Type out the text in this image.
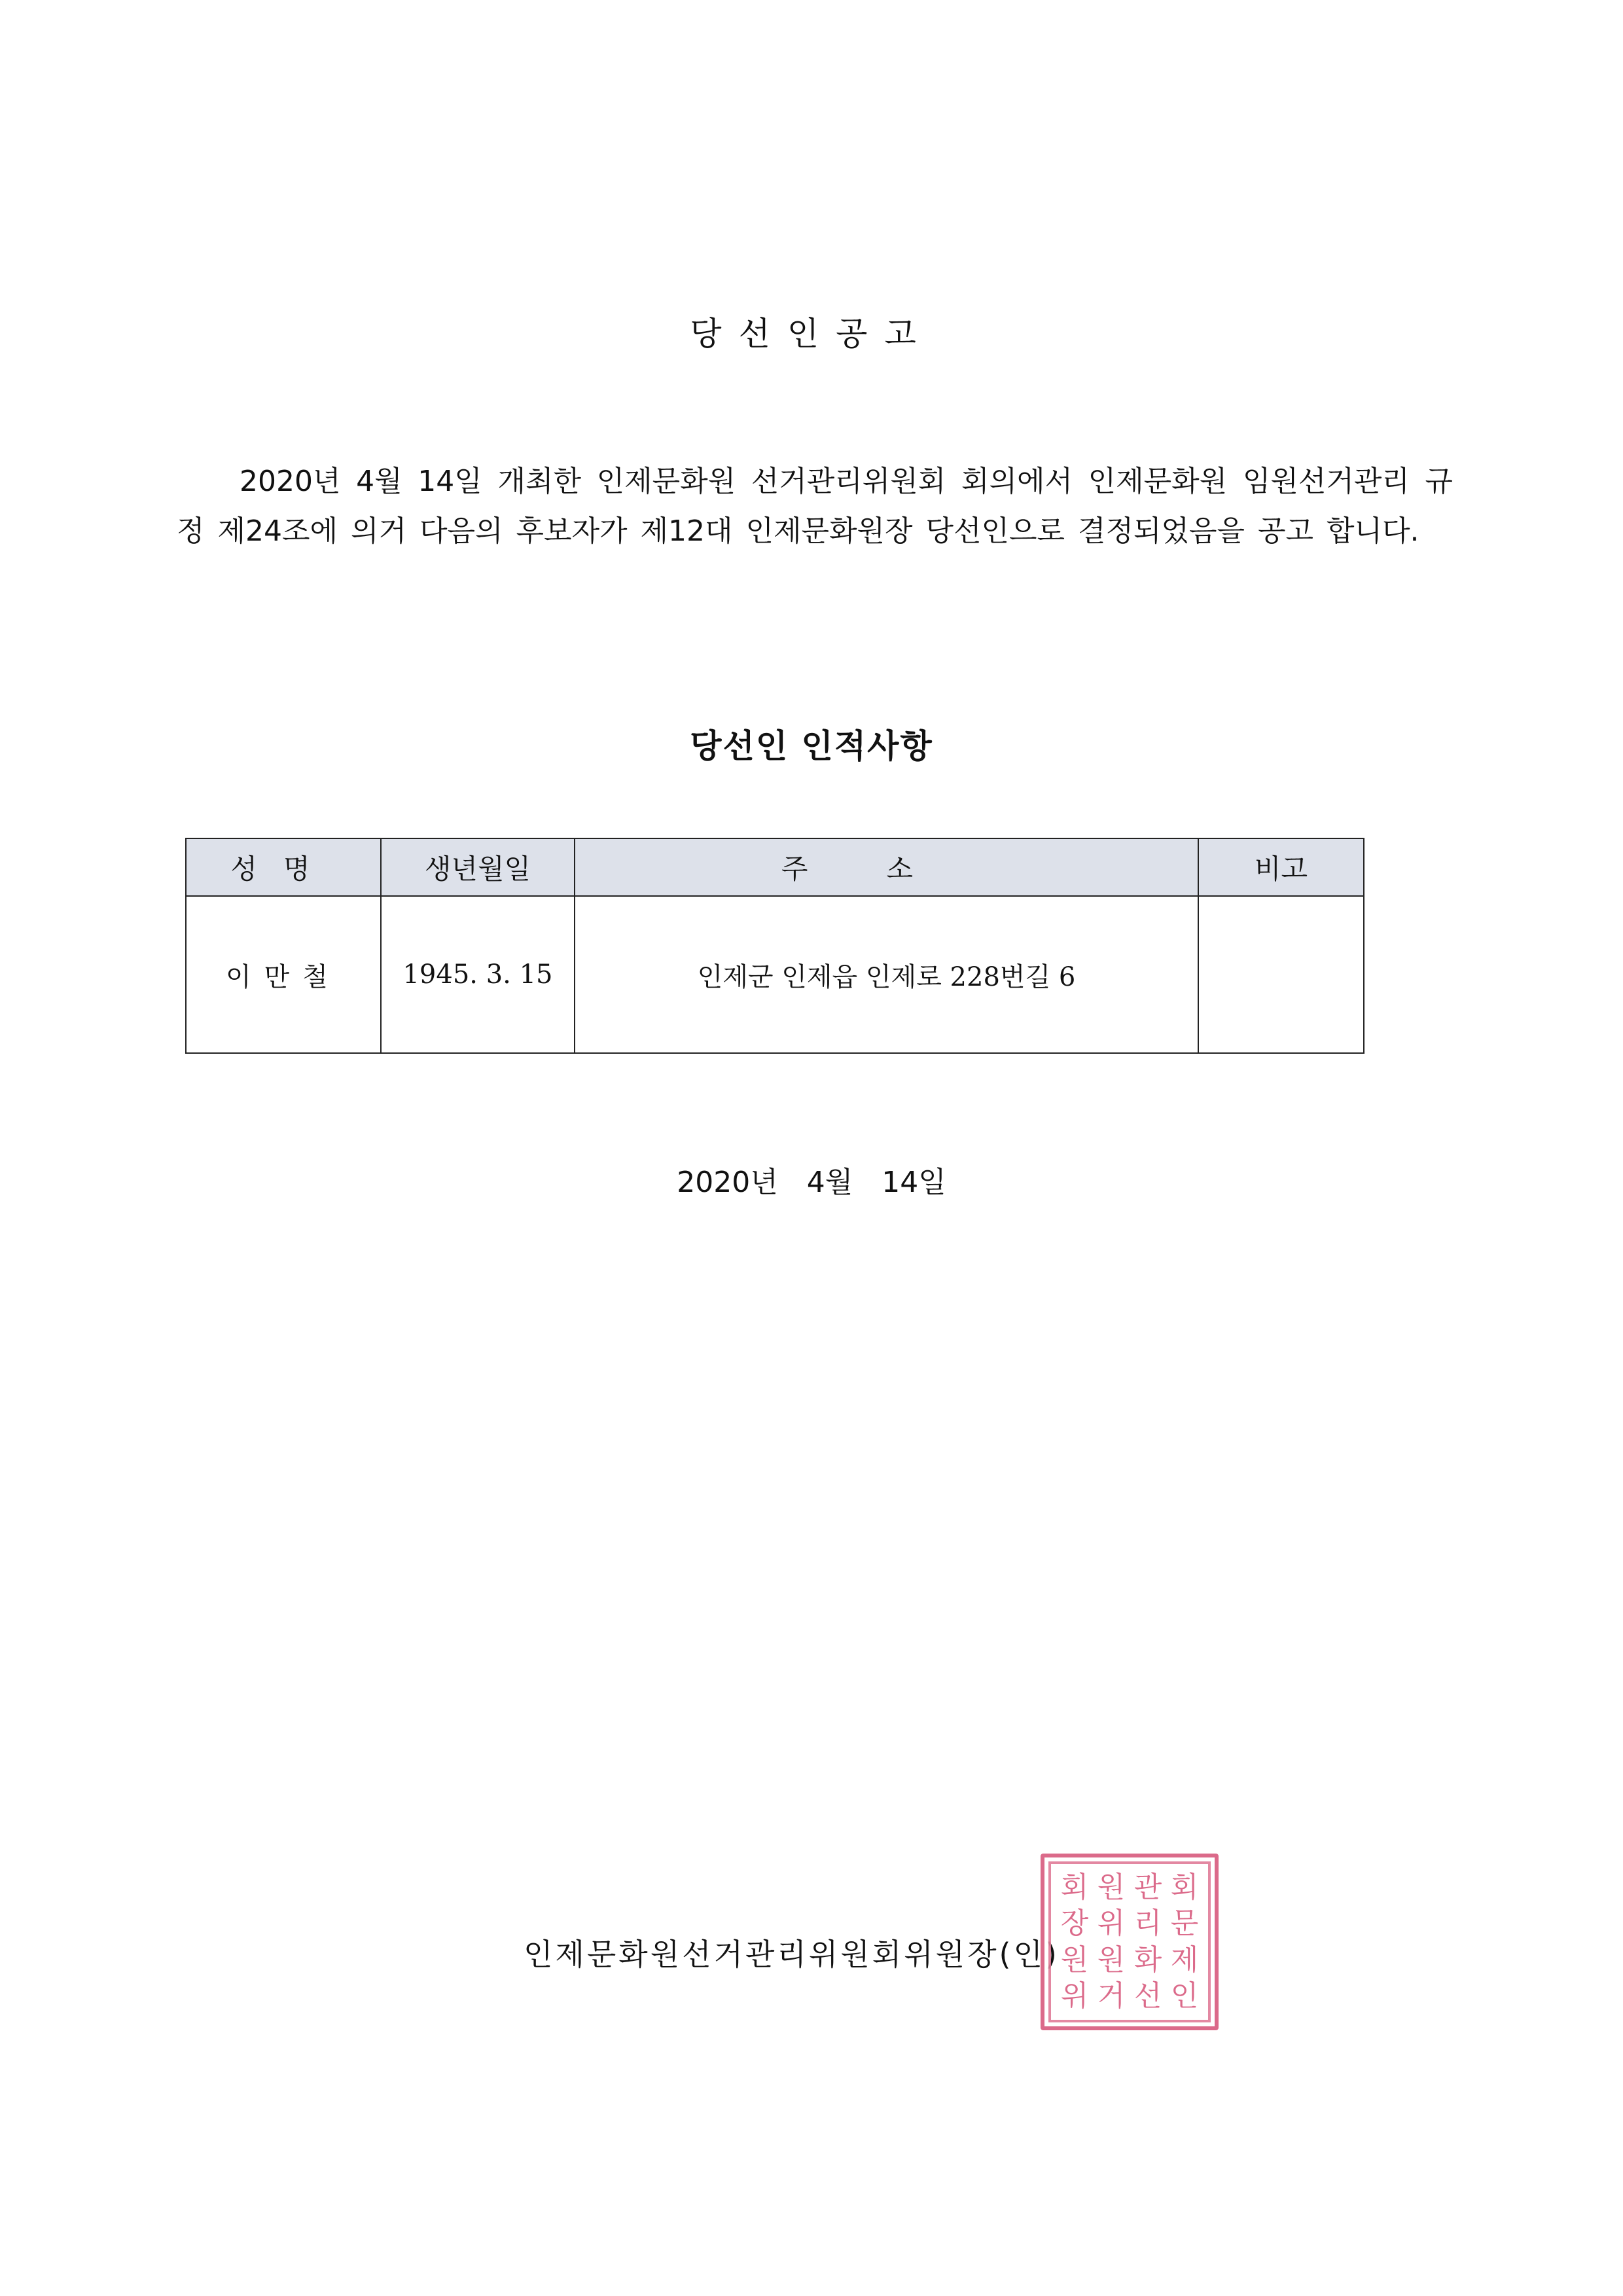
당선인공고

2020년 4월 14일 개최한 인제문화원 선거관리위원회 회의에서 인제문화원 임원선거관리 규정 제24조에 의거 다음의 후보자가 제12대 인제문화원장 당선인으로 결정되었음을 공고 합니다.

당선인 인적사항
성명	생년월일	주소	비고
이만철	1945. 3. 15	인제군 인제읍 인제로 228번길 6	

2020년 4월 14일

인제문화원선거관리위원회위원장(인)

회 원 관 회
장 위 리 문
원 원 화 제
위 거 선 인
